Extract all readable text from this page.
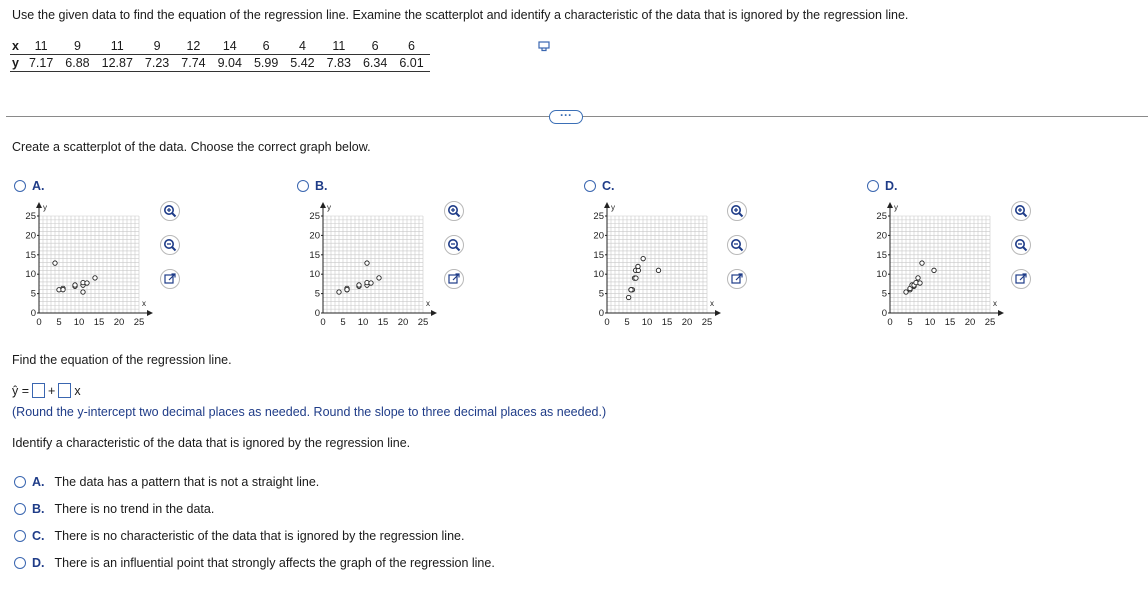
Use the given data to find the equation of the regression line. Examine the scatterplot and identify a characteristic of the data that is ignored by the regression line.
x	11	9	11	9	12	14	6	4	11	6	6
y	7.17	6.88	12.87	7.23	7.74	9.04	5.99	5.42	7.83	6.34	6.01
···
Create a scatterplot of the data. Choose the correct graph below.
A.	B.	C.	D.
x
y
0
0
5
5
10
10
15
15
20
20
25
25
x
y
0
0
5
5
10
10
15
15
20
20
25
25
x
y
0
0
5
5
10
10
15
15
20
20
25
25
x
y
0
0
5
5
10
10
15
15
20
20
25
25
Find the equation of the regression line.
ŷ = + x
(Round the y-intercept two decimal places as needed. Round the slope to three decimal places as needed.)
Identify a characteristic of the data that is ignored by the regression line.
A. The data has a pattern that is not a straight line.
B. There is no trend in the data.
C. There is no characteristic of the data that is ignored by the regression line.
D. There is an influential point that strongly affects the graph of the regression line.
